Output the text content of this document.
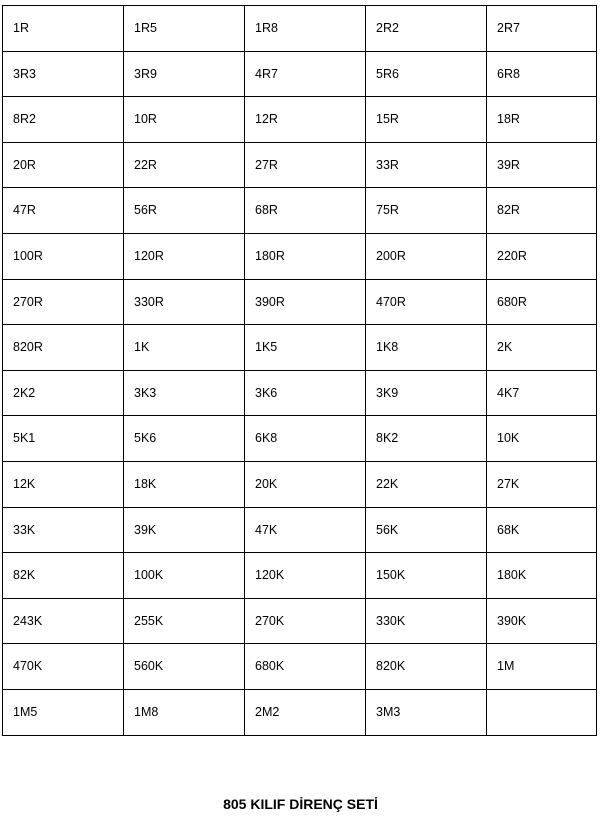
1R	1R5	1R8	2R2	2R7
3R3	3R9	4R7	5R6	6R8
8R2	10R	12R	15R	18R
20R	22R	27R	33R	39R
47R	56R	68R	75R	82R
100R	120R	180R	200R	220R
270R	330R	390R	470R	680R
820R	1K	1K5	1K8	2K
2K2	3K3	3K6	3K9	4K7
5K1	5K6	6K8	8K2	10K
12K	18K	20K	22K	27K
33K	39K	47K	56K	68K
82K	100K	120K	150K	180K
243K	255K	270K	330K	390K
470K	560K	680K	820K	1M
1M5	1M8	2M2	3M3	
805 KILIF DİRENÇ SETİ
